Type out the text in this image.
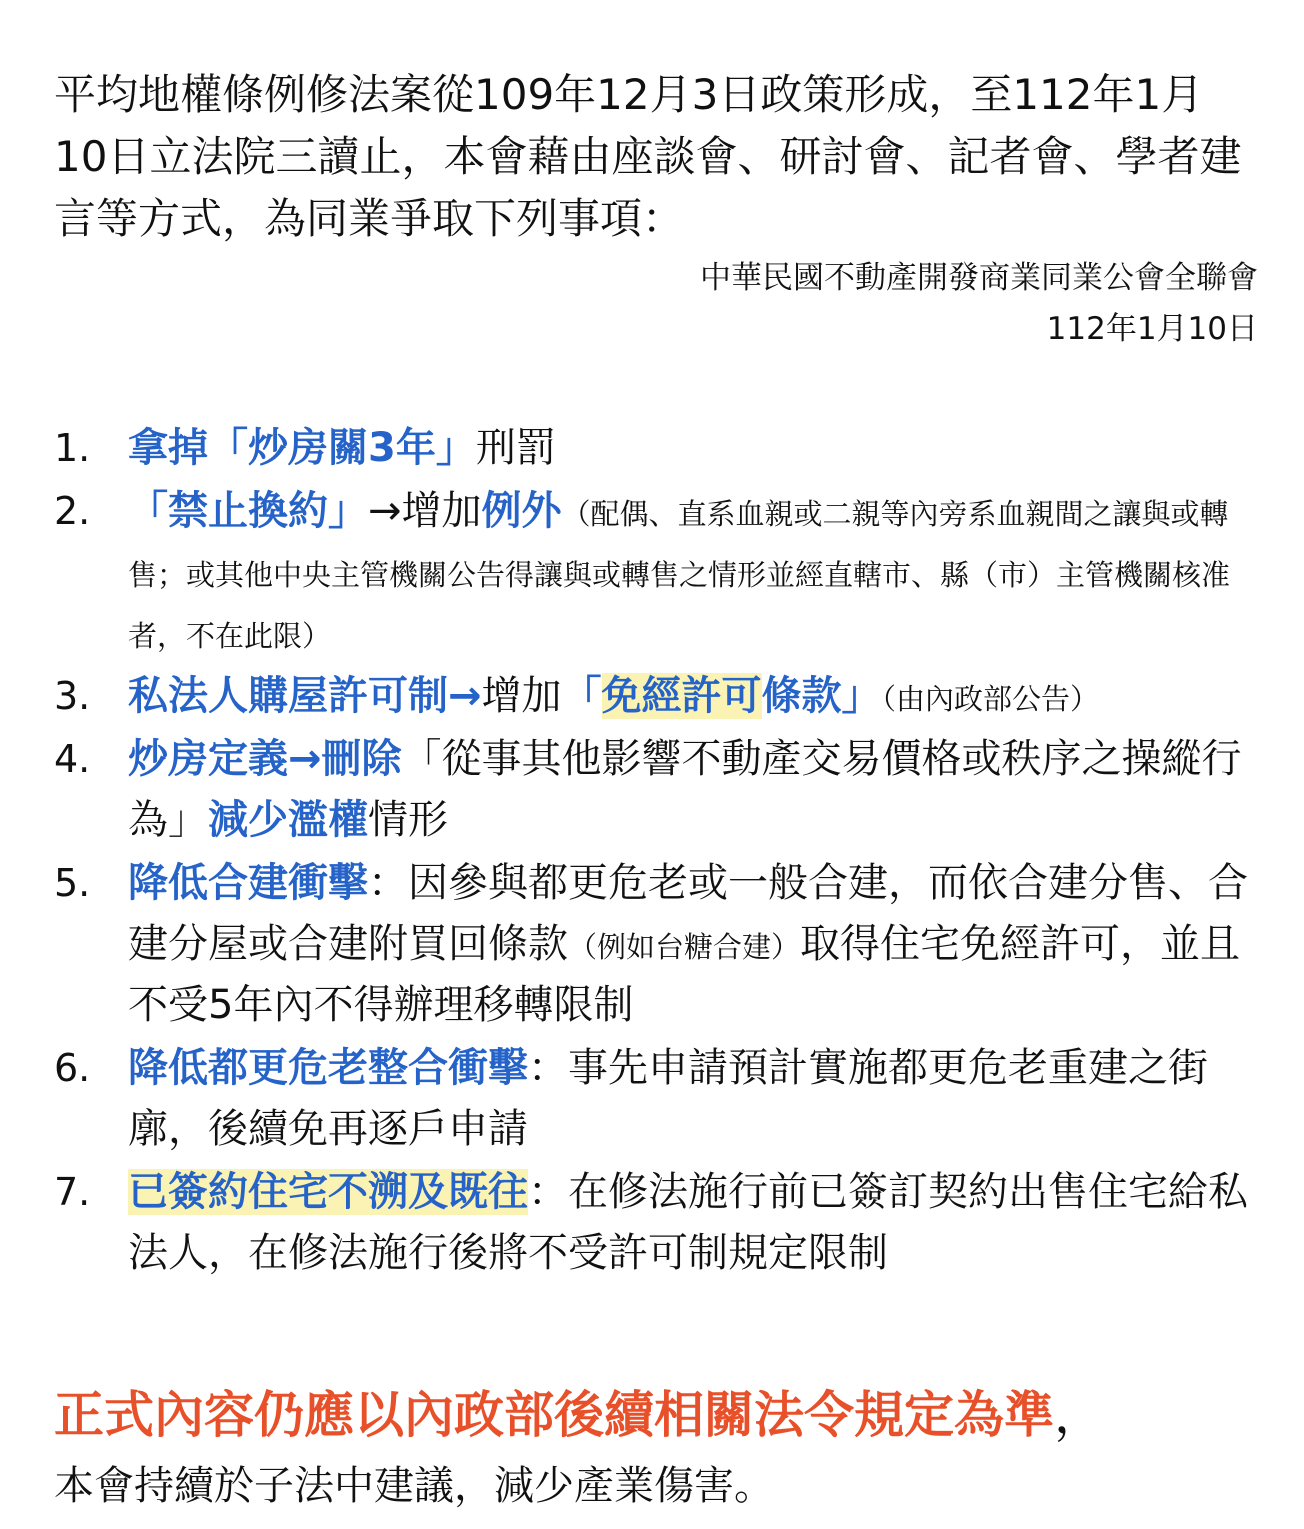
平均地權條例修法案從109年12月3日政策形成，至112年1月10日立法院三讀止，本會藉由座談會、研討會、記者會、學者建言等方式，為同業爭取下列事項：
中華民國不動產開發商業同業公會全聯會
112年1月10日
1. 拿掉「炒房關3年」刑罰
2. 「禁止換約」→增加例外（配偶、直系血親或二親等內旁系血親間之讓與或轉售；或其他中央主管機關公告得讓與或轉售之情形並經直轄市、縣（市）主管機關核准者，不在此限）
3. 私法人購屋許可制→增加「免經許可條款」（由內政部公告）
4. 炒房定義→刪除「從事其他影響不動產交易價格或秩序之操縱行為」減少濫權情形
5. 降低合建衝擊：因參與都更危老或一般合建，而依合建分售、合建分屋或合建附買回條款（例如台糖合建）取得住宅免經許可，並且不受5年內不得辦理移轉限制
6. 降低都更危老整合衝擊：事先申請預計實施都更危老重建之街廓，後續免再逐戶申請
7. 已簽約住宅不溯及既往：在修法施行前已簽訂契約出售住宅給私法人，在修法施行後將不受許可制規定限制
正式內容仍應以內政部後續相關法令規定為準，
本會持續於子法中建議，減少產業傷害。
